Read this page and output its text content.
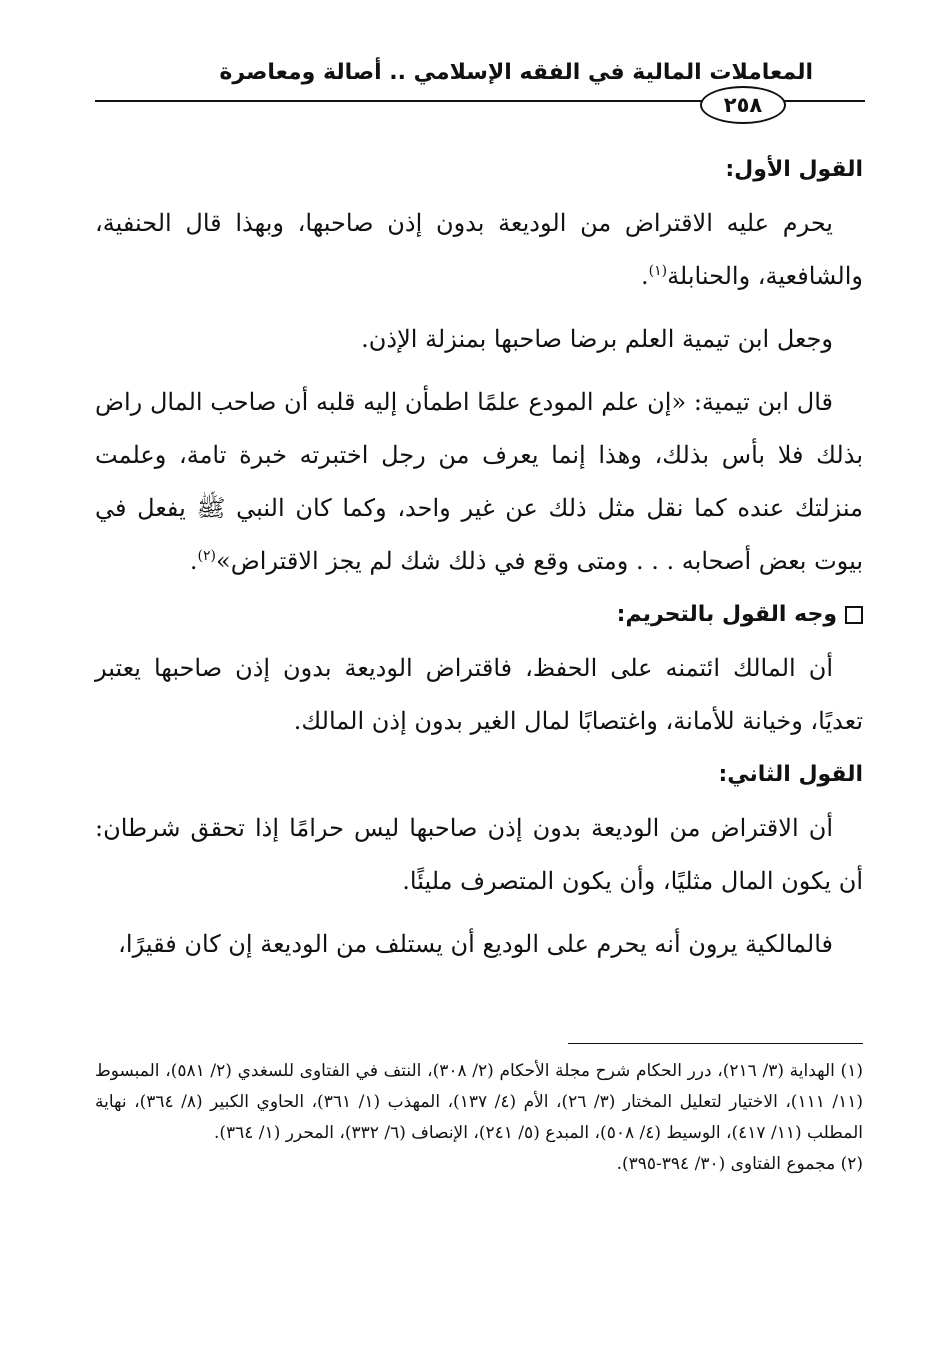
المعاملات المالية في الفقه الإسلامي .. أصالة ومعاصرة
٢٥٨
القول الأول:

يحرم عليه الاقتراض من الوديعة بدون إذن صاحبها، وبهذا قال الحنفية، والشافعية، والحنابلة$^{(١)}$.

وجعل ابن تيمية العلم برضا صاحبها بمنزلة الإذن.

قال ابن تيمية: «إن علم المودع علمًا اطمأن إليه قلبه أن صاحب المال راض بذلك فلا بأس بذلك، وهذا إنما يعرف من رجل اختبرته خبرة تامة، وعلمت منزلتك عنده كما نقل مثل ذلك عن غير واحد، وكما كان النبي ﷺ يفعل في بيوت بعض أصحابه . . . ومتى وقع في ذلك شك لم يجز الاقتراض»$^{(٢)}$.

وجه القول بالتحريم:

أن المالك ائتمنه على الحفظ، فاقتراض الوديعة بدون إذن صاحبها يعتبر تعديًا، وخيانة للأمانة، واغتصابًا لمال الغير بدون إذن المالك.

القول الثاني:

أن الاقتراض من الوديعة بدون إذن صاحبها ليس حرامًا إذا تحقق شرطان: أن يكون المال مثليًا، وأن يكون المتصرف مليئًا.

فالمالكية يرون أنه يحرم على الوديع أن يستلف من الوديعة إن كان فقيرًا،

(١) الهداية (٣/ ٢١٦)، درر الحكام شرح مجلة الأحكام (٢/ ٣٠٨)، النتف في الفتاوى للسغدي (٢/ ٥٨١)، المبسوط (١١/ ١١١)، الاختيار لتعليل المختار (٣/ ٢٦)، الأم (٤/ ١٣٧)، المهذب (١/ ٣٦١)، الحاوي الكبير (٨/ ٣٦٤)، نهاية المطلب (١١/ ٤١٧)، الوسيط (٤/ ٥٠٨)، المبدع (٥/ ٢٤١)، الإنصاف (٦/ ٣٣٢)، المحرر (١/ ٣٦٤).

(٢) مجموع الفتاوى (٣٠/ ٣٩٤-٣٩٥).
